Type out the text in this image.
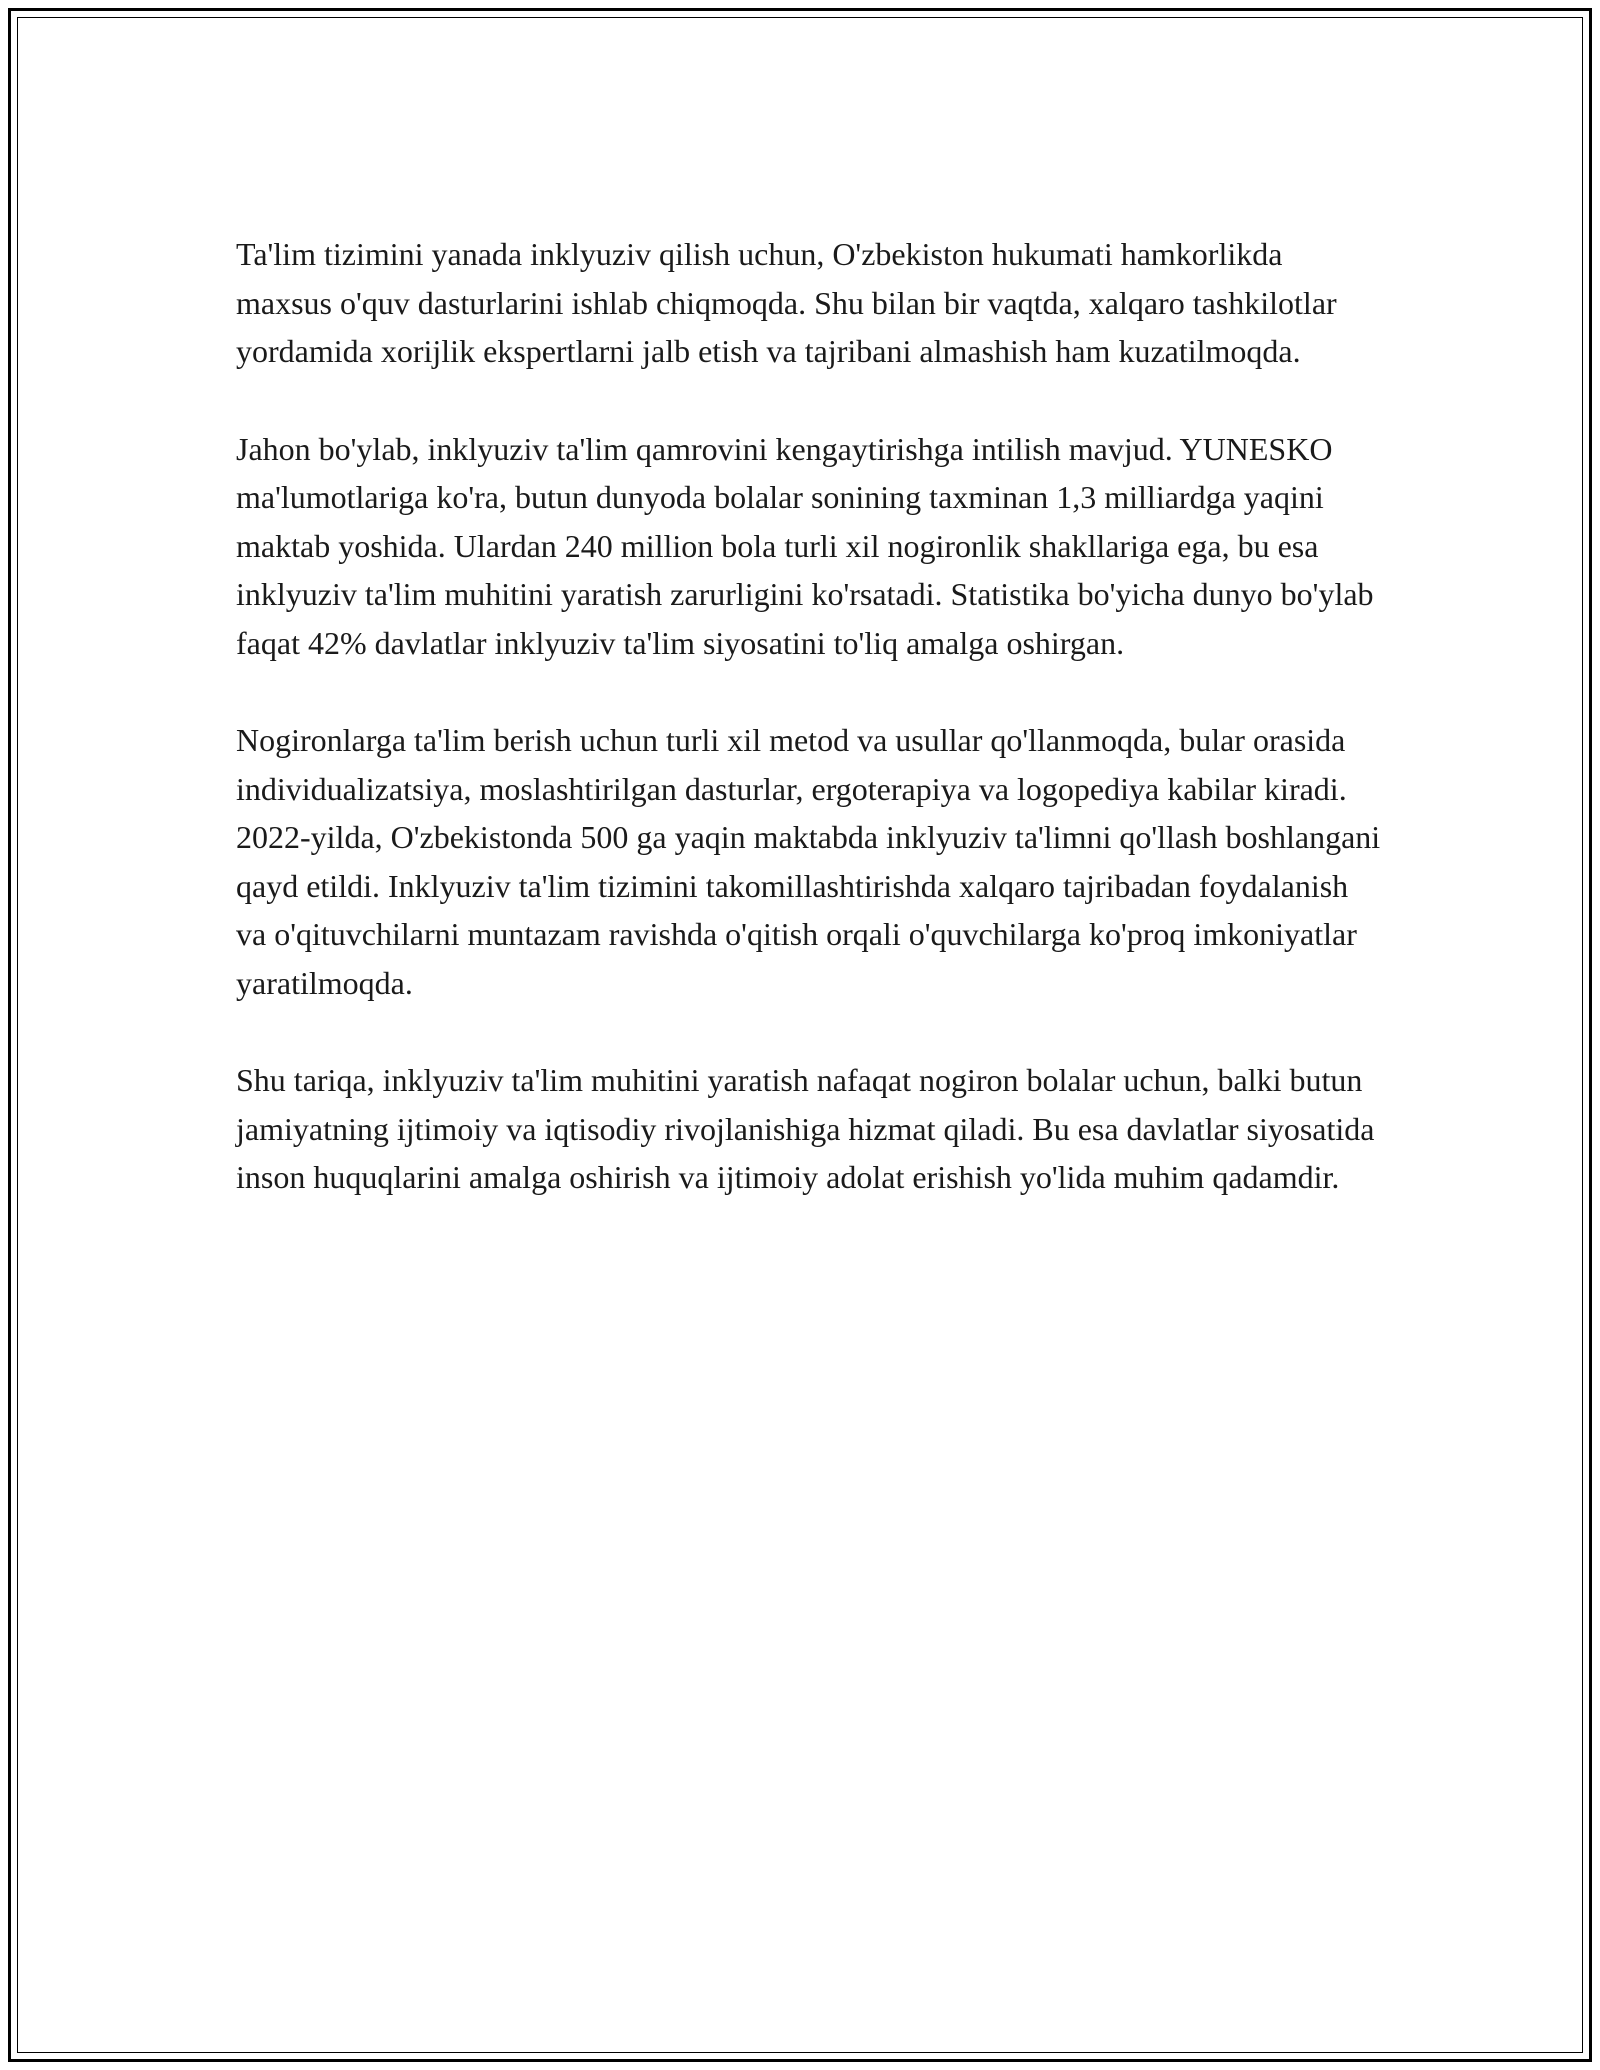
Ta'lim tizimini yanada inklyuziv qilish uchun, O'zbekiston hukumati hamkorlikda maxsus o'quv dasturlarini ishlab chiqmoqda. Shu bilan bir vaqtda, xalqaro tashkilotlar yordamida xorijlik ekspertlarni jalb etish va tajribani almashish ham kuzatilmoqda.

Jahon bo'ylab, inklyuziv ta'lim qamrovini kengaytirishga intilish mavjud. YUNESKO ma'lumotlariga ko'ra, butun dunyoda bolalar sonining taxminan 1,3 milliardga yaqini maktab yoshida. Ulardan 240 million bola turli xil nogironlik shakllariga ega, bu esa inklyuziv ta'lim muhitini yaratish zarurligini ko'rsatadi. Statistika bo'yicha dunyo bo'ylab faqat 42% davlatlar inklyuziv ta'lim siyosatini to'liq amalga oshirgan.

Nogironlarga ta'lim berish uchun turli xil metod va usullar qo'llanmoqda, bular orasida individualizatsiya, moslashtirilgan dasturlar, ergoterapiya va logopediya kabilar kiradi. 2022-yilda, O'zbekistonda 500 ga yaqin maktabda inklyuziv ta'limni qo'llash boshlangani qayd etildi. Inklyuziv ta'lim tizimini takomillashtirishda xalqaro tajribadan foydalanish va o'qituvchilarni muntazam ravishda o'qitish orqali o'quvchilarga ko'proq imkoniyatlar yaratilmoqda.

Shu tariqa, inklyuziv ta'lim muhitini yaratish nafaqat nogiron bolalar uchun, balki butun jamiyatning ijtimoiy va iqtisodiy rivojlanishiga hizmat qiladi. Bu esa davlatlar siyosatida inson huquqlarini amalga oshirish va ijtimoiy adolat erishish yo'lida muhim qadamdir.
